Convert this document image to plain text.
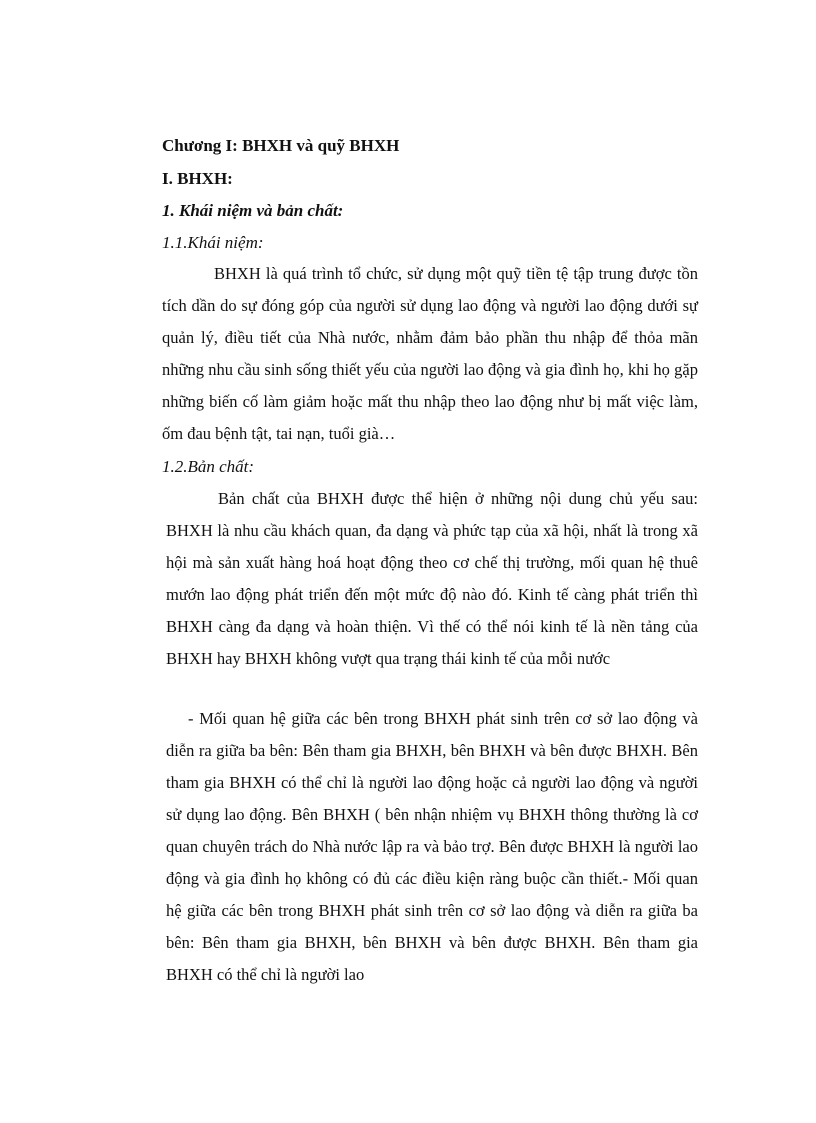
Chương I: BHXH và quỹ BHXH
I. BHXH:
1. Khái niệm và bản chất:
1.1.Khái niệm:

BHXH là quá trình tổ chức, sử dụng một quỹ tiền tệ tập trung được tồn tích dần do sự đóng góp của người sử dụng lao động và người lao động dưới sự quản lý, điều tiết của Nhà nước, nhằm đảm bảo phần thu nhập để thỏa mãn những nhu cầu sinh sống thiết yếu của người lao động và gia đình họ, khi họ gặp những biến cố làm giảm hoặc mất thu nhập theo lao động như bị mất việc làm, ốm đau bệnh tật, tai nạn, tuổi già…

1.2.Bản chất:

Bản chất của BHXH được thể hiện ở những nội dung chủ yếu sau: BHXH là nhu cầu khách quan, đa dạng và phức tạp của xã hội, nhất là trong xã hội mà sản xuất hàng hoá hoạt động theo cơ chế thị trường, mối quan hệ thuê mướn lao động phát triển đến một mức độ nào đó. Kinh tế càng phát triển thì BHXH càng đa dạng và hoàn thiện. Vì thế có thể nói kinh tế là nền tảng của BHXH hay BHXH không vượt qua trạng thái kinh tế của mỗi nước

- Mối quan hệ giữa các bên trong BHXH phát sinh trên cơ sở lao động và diễn ra giữa ba bên: Bên tham gia BHXH, bên BHXH và bên được BHXH. Bên tham gia BHXH có thể chỉ là người lao động hoặc cả người lao động và người sử dụng lao động. Bên BHXH ( bên nhận nhiệm vụ BHXH thông thường là cơ quan chuyên trách do Nhà nước lập ra và bảo trợ. Bên được BHXH là người lao động và gia đình họ không có đủ các điều kiện ràng buộc cần thiết.- Mối quan hệ giữa các bên trong BHXH phát sinh trên cơ sở lao động và diễn ra giữa ba bên: Bên tham gia BHXH, bên BHXH và bên được BHXH. Bên tham gia BHXH có thể chỉ là người lao
